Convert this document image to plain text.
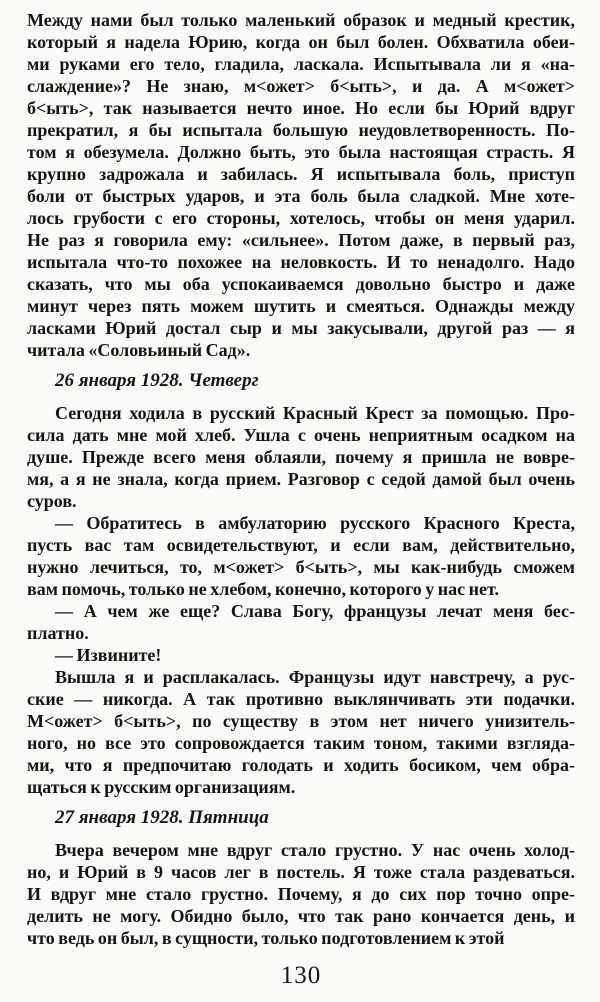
Между нами был только маленький образок и медный крестик,
который я надела Юрию, когда он был болен. Обхватила обеи-
ми руками его тело, гладила, ласкала. Испытывала ли я «на-
слаждение»? Не знаю, м<ожет> б<ыть>, и да. А м<ожет>
б<ыть>, так называется нечто иное. Но если бы Юрий вдруг
прекратил, я бы испытала большую неудовлетворенность. По-
том я обезумела. Должно быть, это была настоящая страсть. Я
крупно задрожала и забилась. Я испытывала боль, приступ
боли от быстрых ударов, и эта боль была сладкой. Мне хоте-
лось грубости с его стороны, хотелось, чтобы он меня ударил.
Не раз я говорила ему: «сильнее». Потом даже, в первый раз,
испытала что-то похожее на неловкость. И то ненадолго. Надо
сказать, что мы оба успокаиваемся довольно быстро и даже
минут через пять можем шутить и смеяться. Однажды между
ласками Юрий достал сыр и мы закусывали, другой раз — я
читала «Соловьиный Сад».

26 января 1928. Четверг

Сегодня ходила в русский Красный Крест за помощью. Про-
сила дать мне мой хлеб. Ушла с очень неприятным осадком на
душе. Прежде всего меня облаяли, почему я пришла не вовре-
мя, а я не знала, когда прием. Разговор с седой дамой был очень
суров.

— Обратитесь в амбулаторию русского Красного Креста,
пусть вас там освидетельствуют, и если вам, действительно,
нужно лечиться, то, м<ожет> б<ыть>, мы как-нибудь сможем
вам помочь, только не хлебом, конечно, которого у нас нет.

— А чем же еще? Слава Богу, французы лечат меня бес-
платно.

— Извините!

Вышла я и расплакалась. Французы идут навстречу, а рус-
ские — никогда. А так противно выклянчивать эти подачки.
М<ожет> б<ыть>, по существу в этом нет ничего унизитель-
ного, но все это сопровождается таким тоном, такими взгляда-
ми, что я предпочитаю голодать и ходить босиком, чем обра-
щаться к русским организациям.

27 января 1928. Пятница

Вчера вечером мне вдруг стало грустно. У нас очень холод-
но, и Юрий в 9 часов лег в постель. Я тоже стала раздеваться.
И вдруг мне стало грустно. Почему, я до сих пор точно опре-
делить не могу. Обидно было, что так рано кончается день, и
что ведь он был, в сущности, только подготовлением к этой

130
